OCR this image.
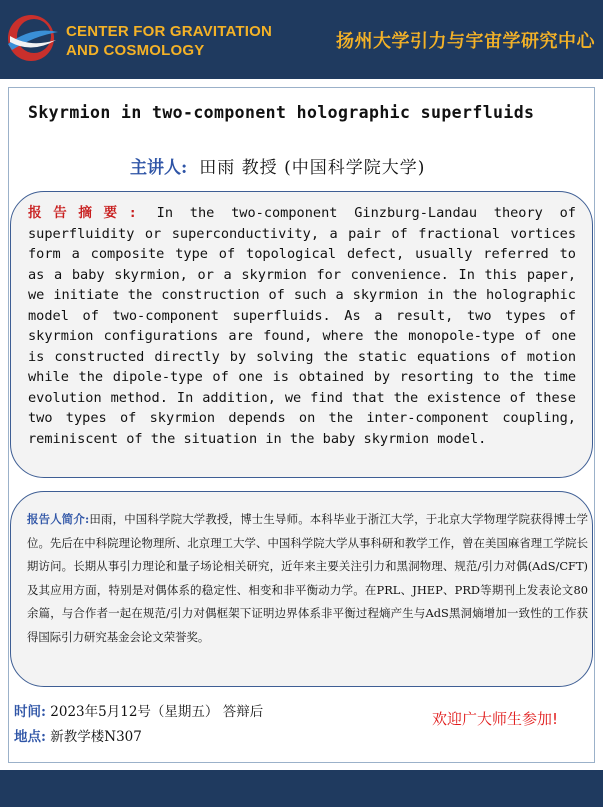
CENTER FOR GRAVITATION
AND COSMOLOGY	扬州大学引力与宇宙学研究中心
Skyrmion in two-component holographic superfluids
主讲人: 田雨 教授 (中国科学院大学)
报告摘要: In the two-component Ginzburg-Landau theory of superfluidity or superconductivity, a pair of fractional vortices form a composite type of topological defect, usually referred to as a baby skyrmion, or a skyrmion for convenience. In this paper, we initiate the construction of such a skyrmion in the holographic model of two-component superfluids. As a result, two types of skyrmion configurations are found, where the monopole-type of one is constructed directly by solving the static equations of motion while the dipole-type of one is obtained by resorting to the time evolution method. In addition, we find that the existence of these two types of skyrmion depends on the inter-component coupling, reminiscent of the situation in the baby skyrmion model.
报告人简介:田雨，中国科学院大学教授，博士生导师。本科毕业于浙江大学，于北京大学物理学院获得博士学位。先后在中科院理论物理所、北京理工大学、中国科学院大学从事科研和教学工作，曾在美国麻省理工学院长期访问。长期从事引力理论和量子场论相关研究，近年来主要关注引力和黑洞物理、规范/引力对偶(AdS/CFT)及其应用方面，特别是对偶体系的稳定性、相变和非平衡动力学。在PRL、JHEP、PRD等期刊上发表论文80余篇，与合作者一起在规范/引力对偶框架下证明边界体系非平衡过程熵产生与AdS黑洞熵增加一致性的工作获得国际引力研究基金会论文荣誉奖。
时间: 2023年5月12号（星期五） 答辩后
地点: 新教学楼N307
欢迎广大师生参加!
